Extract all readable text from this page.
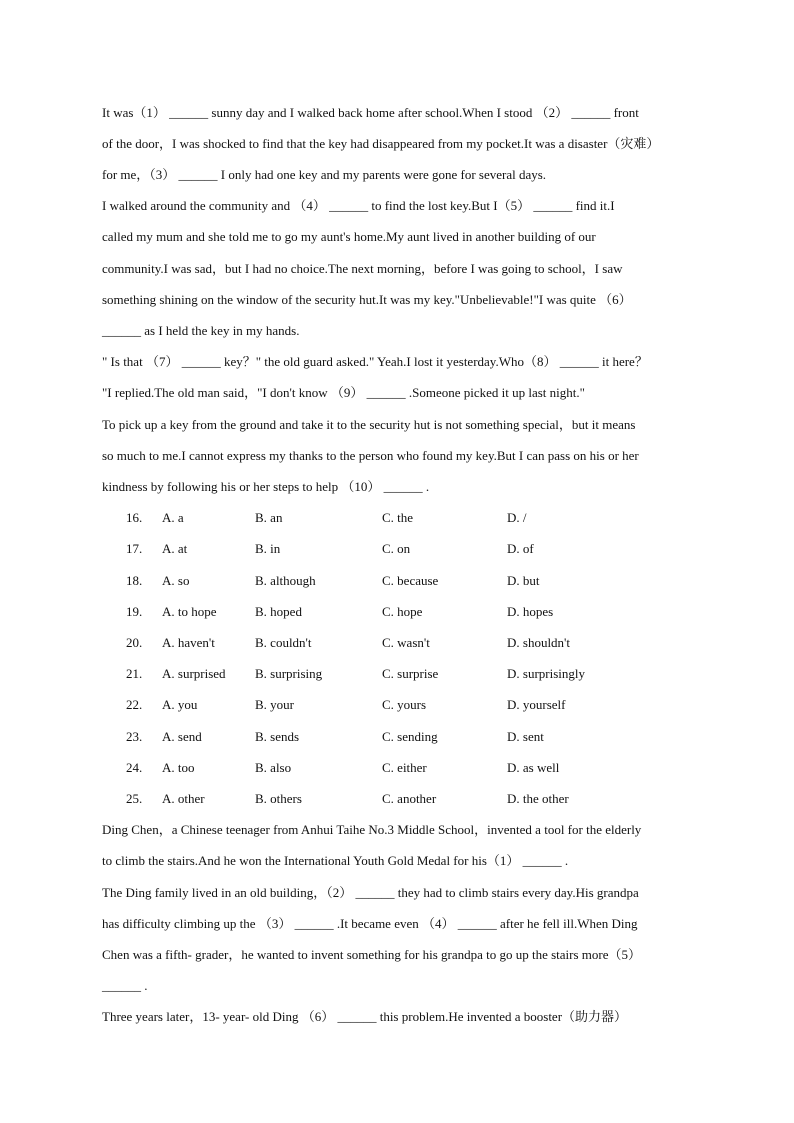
It was（1） ______ sunny day and I walked back home after school.When I stood （2） ______ front
of the door，I was shocked to find that the key had disappeared from my pocket.It was a disaster（灾难）
for me，（3） ______ I only had one key and my parents were gone for several days.
I walked around the community and （4） ______ to find the lost key.But I（5） ______ find it.I
called my mum and she told me to go my aunt's home.My aunt lived in another building of our
community.I was sad，but I had no choice.The next morning，before I was going to school，I saw
something shining on the window of the security hut.It was my key."Unbelievable!"I was quite （6）
______ as I held the key in my hands.
" Is that （7） ______ key？" the old guard asked." Yeah.I lost it yesterday.Who（8） ______ it here？
"I replied.The old man said，"I don't know （9） ______ .Someone picked it up last night."
To pick up a key from the ground and take it to the security hut is not something special，but it means
so much to me.I cannot express my thanks to the person who found my key.But I can pass on his or her
kindness by following his or her steps to help （10） ______ .
16. A. a	B. an	C. the	D. /
17. A. at	B. in	C. on	D. of
18. A. so	B. although	C. because	D. but
19. A. to hope	B. hoped	C. hope	D. hopes
20. A. haven't	B. couldn't	C. wasn't	D. shouldn't
21. A. surprised B. surprising	C. surprise	D. surprisingly
22. A. you	B. your	C. yours	D. yourself
23. A. send	B. sends	C. sending	D. sent
24. A. too	B. also	C. either	D. as well
25. A. other	B. others	C. another	D. the other
Ding Chen，a Chinese teenager from Anhui Taihe No.3 Middle School，invented a tool for the elderly
to climb the stairs.And he won the International Youth Gold Medal for his（1） ______ .
The Ding family lived in an old building，（2） ______ they had to climb stairs every day.His grandpa
has difficulty climbing up the （3） ______ .It became even （4） ______ after he fell ill.When Ding
Chen was a fifth- grader，he wanted to invent something for his grandpa to go up the stairs more（5）
______ .
Three years later，13- year- old Ding （6） ______ this problem.He invented a booster（助力器）
